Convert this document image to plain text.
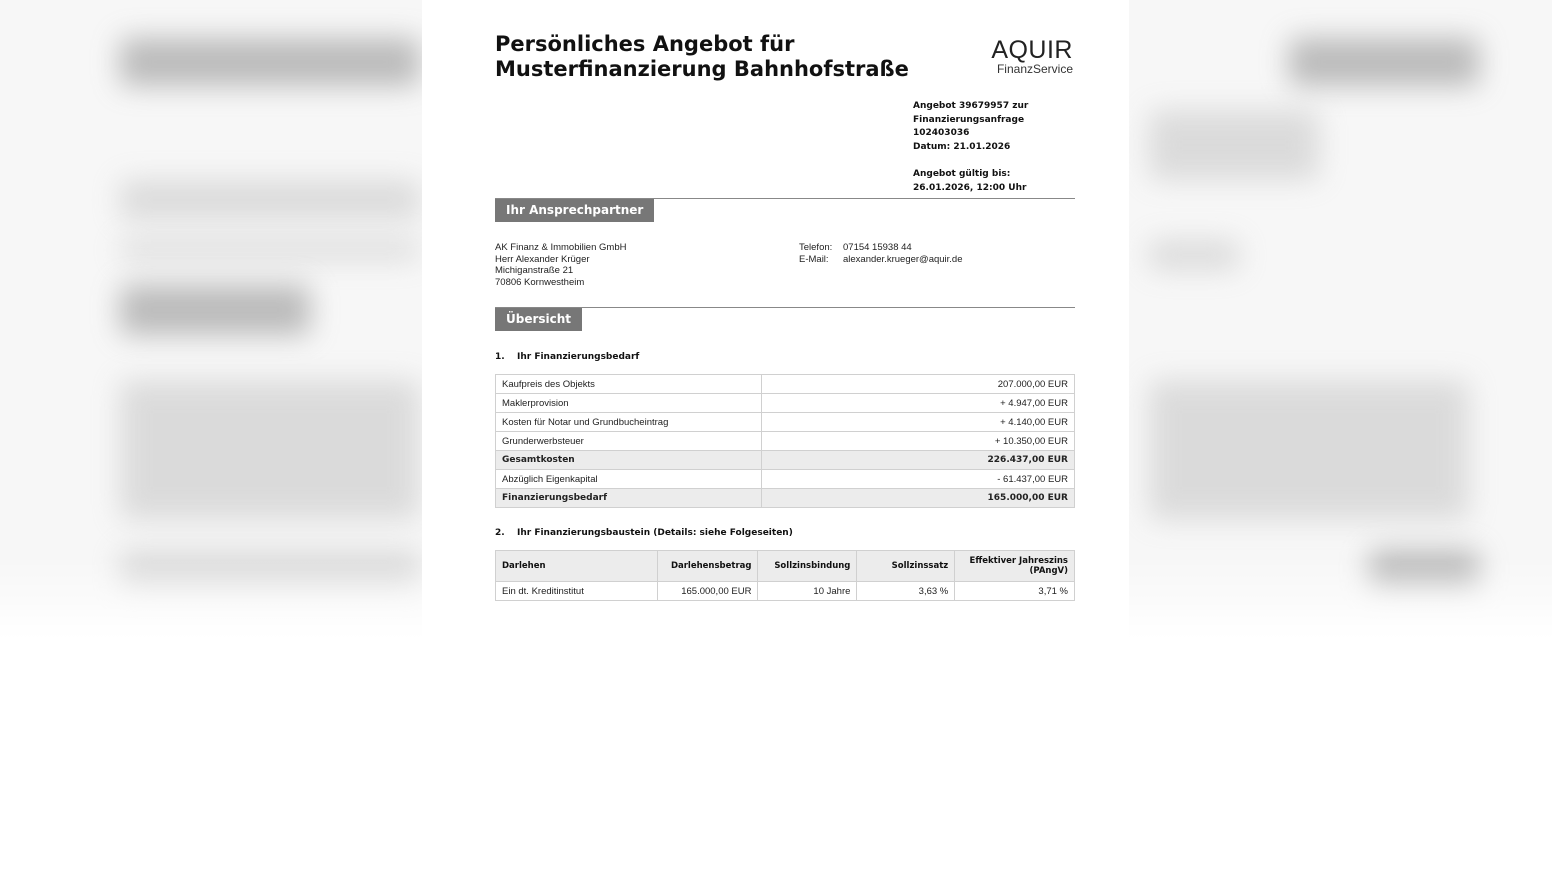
Persönliches Angebot für
Musterfinanzierung Bahnhofstraße
AQUIR
FinanzService
Angebot 39679957 zur
Finanzierungsanfrage 102403036
Datum: 21.01.2026
Angebot gültig bis:
26.01.2026, 12:00 Uhr
Ihr Ansprechpartner
AK Finanz & Immobilien GmbH
Herr Alexander Krüger
Michiganstraße 21
70806 Kornwestheim
Telefon: 07154 15938 44
E-Mail: alexander.krueger@aquir.de
Übersicht
1. Ihr Finanzierungsbedarf
Kaufpreis des Objekts	207.000,00 EUR
Maklerprovision	+ 4.947,00 EUR
Kosten für Notar und Grundbucheintrag	+ 4.140,00 EUR
Grunderwerbsteuer	+ 10.350,00 EUR
Gesamtkosten	226.437,00 EUR
Abzüglich Eigenkapital	- 61.437,00 EUR
Finanzierungsbedarf	165.000,00 EUR
2. Ihr Finanzierungsbaustein (Details: siehe Folgeseiten)
Darlehen	Darlehensbetrag	Sollzinsbindung	Sollzinssatz	Effektiver Jahreszins (PAngV)
Ein dt. Kreditinstitut	165.000,00 EUR	10 Jahre	3,63 %	3,71 %
